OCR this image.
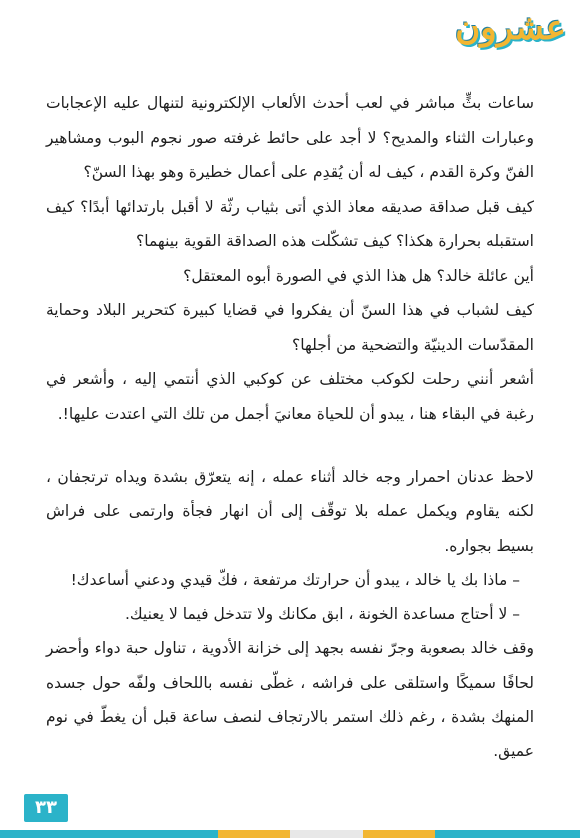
عشرون

ساعات بثٍّ مباشر في لعب أحدث الألعاب الإلكترونية لتنهال عليه الإعجابات وعبارات الثناء والمديح؟ لا أجد على حائط غرفته صور نجوم البوب ومشاهير الفنّ وكرة القدم ، كيف له أن يُقدِم على أعمال خطيرة وهو بهذا السنّ؟

كيف قبل صداقة صديقه معاذ الذي أتى بثياب رثّة لا أقبل بارتدائها أبدًا؟ كيف استقبله بحرارة هكذا؟ كيف تشكّلت هذه الصداقة القوية بينهما؟

أين عائلة خالد؟ هل هذا الذي في الصورة أبوه المعتقل؟

كيف لشباب في هذا السنّ أن يفكروا في قضايا كبيرة كتحرير البلاد وحماية المقدّسات الدينيّة والتضحية من أجلها؟

أشعر أنني رحلت لكوكب مختلف عن كوكبي الذي أنتمي إليه ، وأشعر في رغبة في البقاء هنا ، يبدو أن للحياة معانيَ أجمل من تلك التي اعتدت عليها!.

لاحظ عدنان احمرار وجه خالد أثناء عمله ، إنه يتعرّق بشدة ويداه ترتجفان ، لكنه يقاوم ويكمل عمله بلا توقّف إلى أن انهار فجأة وارتمى على فراش بسيط بجواره.

– ماذا بك يا خالد ، يبدو أن حرارتك مرتفعة ، فكّ قيدي ودعني أساعدك!

– لا أحتاج مساعدة الخونة ، ابق مكانك ولا تتدخل فيما لا يعنيك.

وقف خالد بصعوبة وجرّ نفسه بجهد إلى خزانة الأدوية ، تناول حبة دواء وأحضر لحافًا سميكًا واستلقى على فراشه ، غطّى نفسه باللحاف ولفّه حول جسده المنهك بشدة ، رغم ذلك استمر بالارتجاف لنصف ساعة قبل أن يغطّ في نوم عميق.

٣٣
